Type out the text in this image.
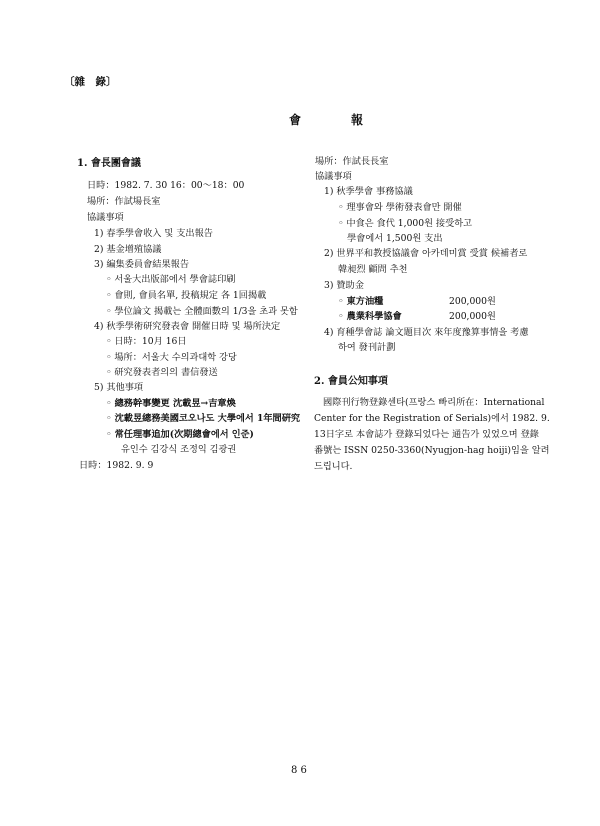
〔雜　錄〕
會	報
1. 會長團會議
日時：1982. 7. 30 16：00～18：00
場所：作試場長室
協議事項
1) 春季學會收入 및 支出報告
2) 基金增殖協議
3) 編集委員會結果報告
◦ 서울大出版部에서 學會誌印刷
◦ 會則, 會員名單, 投稿規定 各 1回揭載
◦ 學位論文 揭載는 全體面數의 1/3을 초과 못함
4) 秋季學術研究發表會 開催日時 및 場所決定
◦ 日時：10月 16日
◦ 場所：서울大 수의과대학 강당
◦ 研究發表者의의 書信發送
5) 其他事項
◦ 總務幹事變更 沈載昱→吉章煥
◦ 沈載昱總務美國코오나도 大學에서 1年間硏究
◦ 常任理事追加(次期總會에서 인준)
유인수 김강식 조정익 김광권
日時：1982. 9. 9
場所：作試長長室
協議事項
1) 秋季學會 事務協議
◦ 理事會와 學術發表會만 開催
◦ 中食은 食代 1,000원 接受하고
學會에서 1,500원 支出
2) 世界平和教授協議會 아카데미賞 受賞 候補者로
韓昶烈 顧問 추천
3) 贊助金
◦ 東方油糧	200,000원
◦ 農業科學協會	200,000원
4) 育種學會誌 論文題目次 來年度豫算事情을 考慮
하여 發刊計劃
2. 會員公知事項
國際刊行物登錄센타(프랑스 빠리所在：International
Center for the Registration of Serials)에서 1982. 9.
13日字로 本會誌가 登錄되었다는 通告가 있었으며 登錄
番號는 ISSN 0250-3360(Nyugjon-hag hoiji)임을 알려
드립니다.
8 6
